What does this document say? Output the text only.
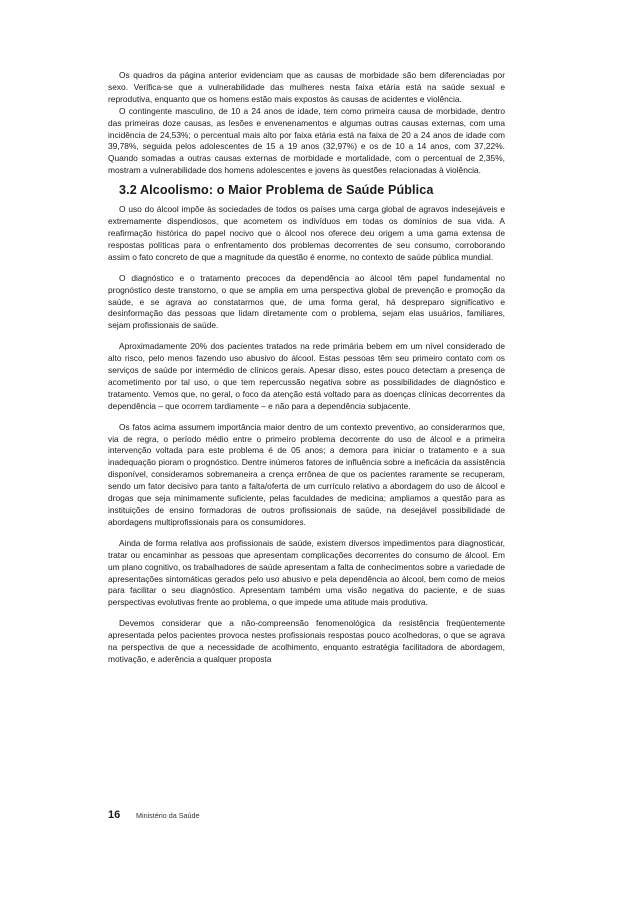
Os quadros da página anterior evidenciam que as causas de morbidade são bem diferenciadas por sexo. Verifica-se que a vulnerabilidade das mulheres nesta faixa etária está na saúde sexual e reprodutiva, enquanto que os homens estão mais expostos às causas de acidentes e violência.

O contingente masculino, de 10 a 24 anos de idade, tem como primeira causa de morbidade, dentro das primeiras doze causas, as lesões e envenenamentos e algumas outras causas externas, com uma incidência de 24,53%; o percentual mais alto por faixa etária está na faixa de 20 a 24 anos de idade com 39,78%, seguida pelos adolescentes de 15 a 19 anos (32,97%) e os de 10 a 14 anos, com 37,22%. Quando somadas a outras causas externas de morbidade e mortalidade, com o percentual de 2,35%, mostram a vulnerabilidade dos homens adolescentes e jovens às questões relacionadas à violência.

3.2 Alcoolismo: o Maior Problema de Saúde Pública

O uso do álcool impõe às sociedades de todos os países uma carga global de agravos indesejáveis e extremamente dispendiosos, que acometem os indivíduos em todas os domínios de sua vida. A reafirmação histórica do papel nocivo que o álcool nos oferece deu origem a uma gama extensa de respostas políticas para o enfrentamento dos problemas decorrentes de seu consumo, corroborando assim o fato concreto de que a magnitude da questão é enorme, no contexto de saúde pública mundial.

O diagnóstico e o tratamento precoces da dependência ao álcool têm papel fundamental no prognóstico deste transtorno, o que se amplia em uma perspectiva global de prevenção e promoção da saúde, e se agrava ao constatarmos que, de uma forma geral, há despreparo significativo e desinformação das pessoas que lidam diretamente com o problema, sejam elas usuários, familiares, sejam profissionais de saúde.

Aproximadamente 20% dos pacientes tratados na rede primária bebem em um nível considerado de alto risco, pelo menos fazendo uso abusivo do álcool. Estas pessoas têm seu primeiro contato com os serviços de saúde por intermédio de clínicos gerais. Apesar disso, estes pouco detectam a presença de acometimento por tal uso, o que tem repercussão negativa sobre as possibilidades de diagnóstico e tratamento. Vemos que, no geral, o foco da atenção está voltado para as doenças clínicas decorrentes da dependência – que ocorrem tardiamente – e não para a dependência subjacente.

Os fatos acima assumem importância maior dentro de um contexto preventivo, ao considerarmos que, via de regra, o período médio entre o primeiro problema decorrente do uso de álcool e a primeira intervenção voltada para este problema é de 05 anos; a demora para iniciar o tratamento e a sua inadequação pioram o prognóstico. Dentre inúmeros fatores de influência sobre a ineficácia da assistência disponível, consideramos sobremaneira a crença errônea de que os pacientes raramente se recuperam, sendo um fator decisivo para tanto a falta/oferta de um currículo relativo a abordagem do uso de álcool e drogas que seja minimamente suficiente, pelas faculdades de medicina; ampliamos a questão para as instituições de ensino formadoras de outros profissionais de saúde, na desejável possibilidade de abordagens multiprofissionais para os consumidores.

Ainda de forma relativa aos profissionais de saúde, existem diversos impedimentos para diagnosticar, tratar ou encaminhar as pessoas que apresentam complicações decorrentes do consumo de álcool. Em um plano cognitivo, os trabalhadores de saúde apresentam a falta de conhecimentos sobre a variedade de apresentações sintomáticas gerados pelo uso abusivo e pela dependência ao álcool, bem como de meios para facilitar o seu diagnóstico. Apresentam também uma visão negativa do paciente, e de suas perspectivas evolutivas frente ao problema, o que impede uma atitude mais produtiva.

Devemos considerar que a não-compreensão fenomenológica da resistência freqüentemente apresentada pelos pacientes provoca nestes profissionais respostas pouco acolhedoras, o que se agrava na perspectiva de que a necessidade de acolhimento, enquanto estratégia facilitadora de abordagem, motivação, e aderência a qualquer proposta

16	Ministério da Saúde
